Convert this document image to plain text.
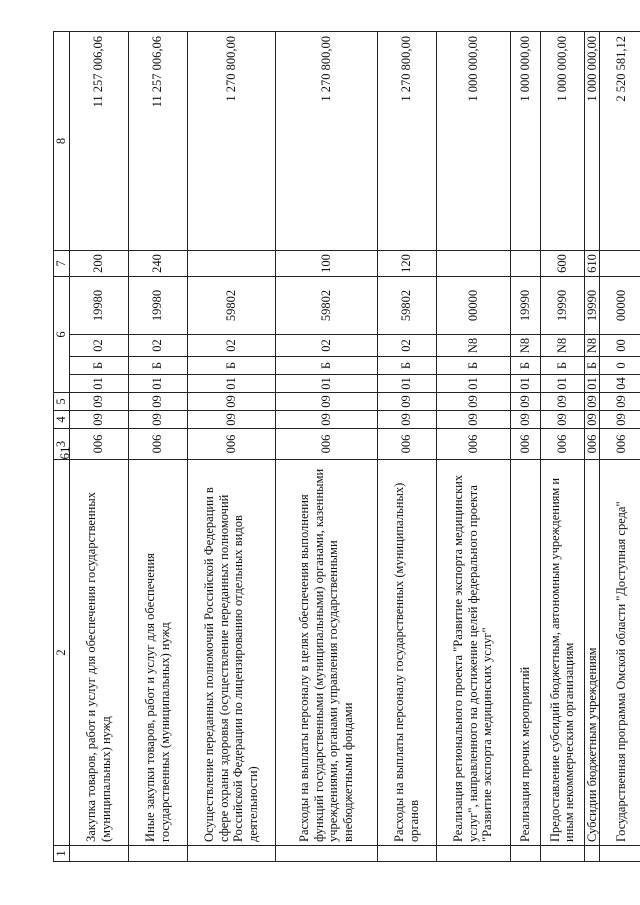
61
1	2	3	4	5	6				7	8
	Закупка товаров, работ и услуг для обеспечения государственных (муниципальных) нужд	006	09	09	01	Б	02	19980	200	11 257 006,06
	Иные закупки товаров, работ и услуг для обеспечения государственных (муниципальных) нужд	006	09	09	01	Б	02	19980	240	11 257 006,06
	Осуществление переданных полномочий Российской Федерации в сфере охраны здоровья (осуществление переданных полномочий Российской Федерации по лицензированию отдельных видов деятельности)	006	09	09	01	Б	02	59802		1 270 800,00
	Расходы на выплаты персоналу в целях обеспечения выполнения функций государственными (муниципальными) органами, казенными учреждениями, органами управления государственными внебюджетными фондами	006	09	09	01	Б	02	59802	100	1 270 800,00
	Расходы на выплаты персоналу государственных (муниципальных) органов	006	09	09	01	Б	02	59802	120	1 270 800,00
	Реализация регионального проекта "Развитие экспорта медицинских услуг", направленного на достижение целей федерального проекта "Развитие экспорта медицинских услуг"	006	09	09	01	Б	N8	00000		1 000 000,00
	Реализация прочих мероприятий	006	09	09	01	Б	N8	19990		1 000 000,00
	Предоставление субсидий бюджетным, автономным учреждениям и иным некоммерческим организациям	006	09	09	01	Б	N8	19990	600	1 000 000,00
	Субсидии бюджетным учреждениям	006	09	09	01	Б	N8	19990	610	1 000 000,00
	Государственная программа Омской области "Доступная среда"	006	09	09	04	0	00	00000		2 520 581,12
